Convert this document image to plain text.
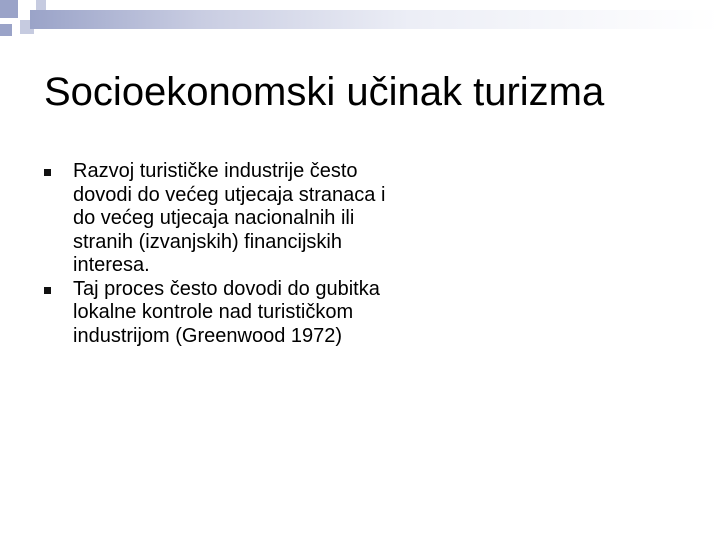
Socioekonomski učinak turizma
Razvoj turističke industrije često dovodi do većeg utjecaja stranaca i do većeg utjecaja nacionalnih ili stranih (izvanjskih) financijskih interesa.
Taj proces često dovodi do gubitka lokalne kontrole nad turističkom industrijom (Greenwood 1972)
